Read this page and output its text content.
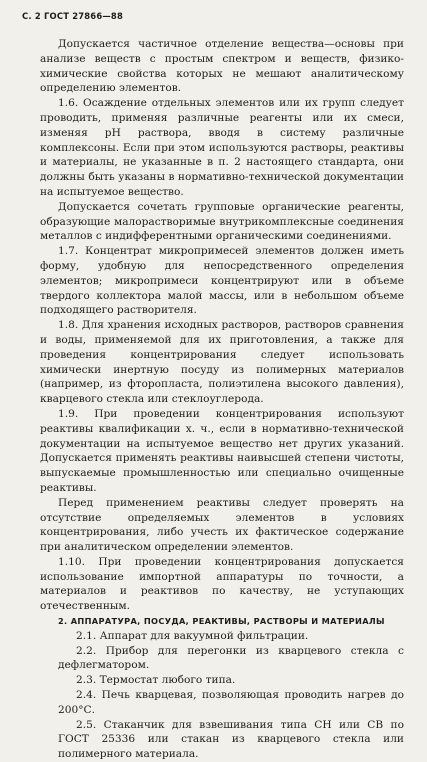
С. 2 ГОСТ 27866—88

Допускается частичное отделение вещества—основы при анализе веществ с простым спектром и веществ, физико-химические свойства которых не мешают аналитическому определению элементов.

1.6. Осаждение отдельных элементов или их групп следует проводить, применяя различные реагенты или их смеси, изменяя pH раствора, вводя в систему различные комплексоны. Если при этом используются растворы, реактивы и материалы, не указанные в п. 2 настоящего стандарта, они должны быть указаны в нормативно-технической документации на испытуемое вещество.

Допускается сочетать групповые органические реагенты, образующие малорастворимые внутрикомплексные соединения металлов с индифферентными органическими соединениями.

1.7. Концентрат микропримесей элементов должен иметь форму, удобную для непосредственного определения элементов; микропримеси концентрируют или в объеме твердого коллектора малой массы, или в небольшом объеме подходящего растворителя.

1.8. Для хранения исходных растворов, растворов сравнения и воды, применяемой для их приготовления, а также для проведения концентрирования следует использовать химически инертную посуду из полимерных материалов (например, из фторопласта, полиэтилена высокого давления), кварцевого стекла или стеклоуглерода.

1.9. При проведении концентрирования используют реактивы квалификации х. ч., если в нормативно-технической документации на испытуемое вещество нет других указаний. Допускается применять реактивы наивысшей степени чистоты, выпускаемые промышленностью или специально очищенные реактивы.

Перед применением реактивы следует проверять на отсутствие определяемых элементов в условиях концентрирования, либо учесть их фактическое содержание при аналитическом определении элементов.

1.10. При проведении концентрирования допускается использование импортной аппаратуры по точности, а материалов и реактивов по качеству, не уступающих отечественным.

2. АППАРАТУРА, ПОСУДА, РЕАКТИВЫ, РАСТВОРЫ И МАТЕРИАЛЫ

2.1. Аппарат для вакуумной фильтрации.

2.2. Прибор для перегонки из кварцевого стекла с дефлегматором.

2.3. Термостат любого типа.

2.4. Печь кварцевая, позволяющая проводить нагрев до 200°С.

2.5. Стаканчик для взвешивания типа СН или СВ по ГОСТ 25336 или стакан из кварцевого стекла или полимерного материала.
